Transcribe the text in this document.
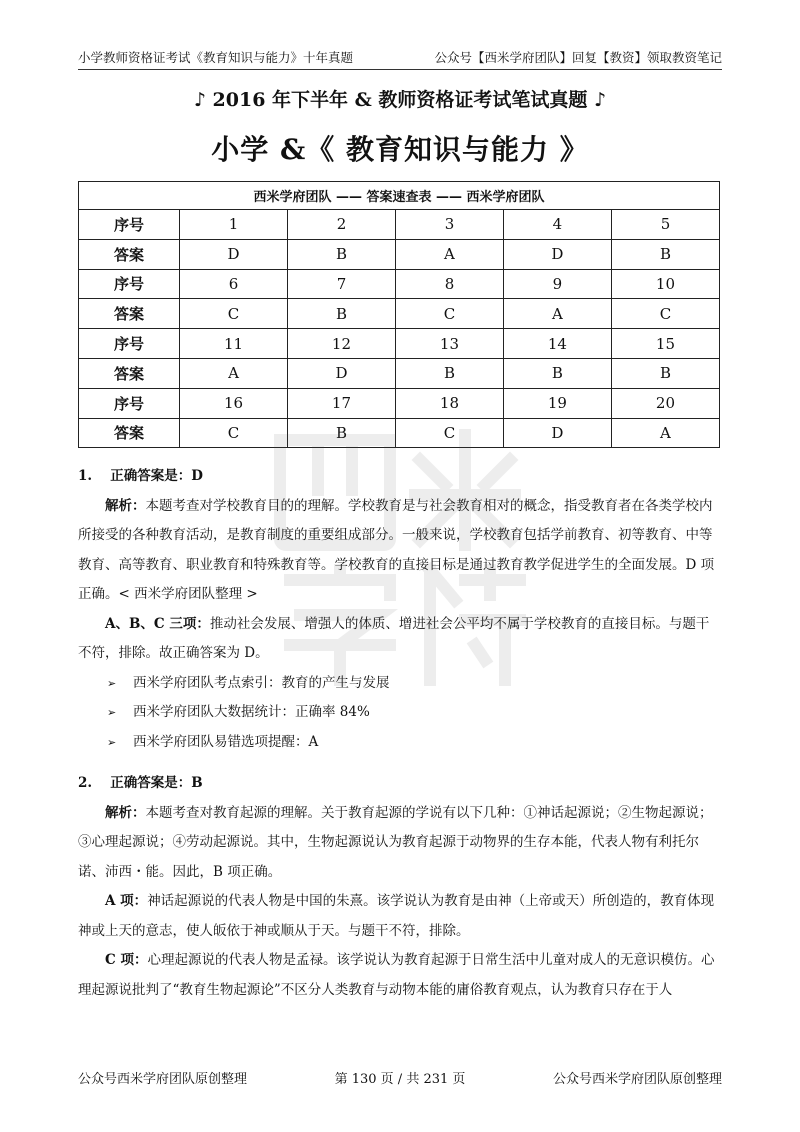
小学教师资格证考试《教育知识与能力》十年真题	公众号【西米学府团队】回复【教资】领取教资笔记
♪ 2016 年下半年 & 教师资格证考试笔试真题 ♪
小学 &《 教育知识与能力 》
西米学府团队 —— 答案速查表 —— 西米学府团队					
序号	1	2	3	4	5
答案	D	B	A	D	B
序号	6	7	8	9	10
答案	C	B	C	A	C
序号	11	12	13	14	15
答案	A	D	B	B	B
序号	16	17	18	19	20
答案	C	B	C	D	A

1.　 正确答案是：D

解析：本题考查对学校教育目的的理解。学校教育是与社会教育相对的概念，指受教育者在各类学校内所接受的各种教育活动，是教育制度的重要组成部分。一般来说，学校教育包括学前教育、初等教育、中等教育、高等教育、职业教育和特殊教育等。学校教育的直接目标是通过教育教学促进学生的全面发展。D 项正确。< 西米学府团队整理 >

A、B、C 三项：推动社会发展、增强人的体质、增进社会公平均不属于学校教育的直接目标。与题干不符，排除。故正确答案为 D。

➢ 西米学府团队考点索引：教育的产生与发展

➢ 西米学府团队大数据统计：正确率 84%

➢ 西米学府团队易错选项提醒：A

2.　 正确答案是：B

解析：本题考查对教育起源的理解。关于教育起源的学说有以下几种：①神话起源说；②生物起源说；③心理起源说；④劳动起源说。其中，生物起源说认为教育起源于动物界的生存本能，代表人物有利托尔诺、沛西・能。因此，B 项正确。

A 项：神话起源说的代表人物是中国的朱熹。该学说认为教育是由神（上帝或天）所创造的，教育体现神或上天的意志，使人皈依于神或顺从于天。与题干不符，排除。

C 项：心理起源说的代表人物是孟禄。该学说认为教育起源于日常生活中儿童对成人的无意识模仿。心理起源说批判了“教育生物起源论”不区分人类教育与动物本能的庸俗教育观点，认为教育只存在于人

公众号西米学府团队原创整理	第 130 页 / 共 231 页	公众号西米学府团队原创整理
